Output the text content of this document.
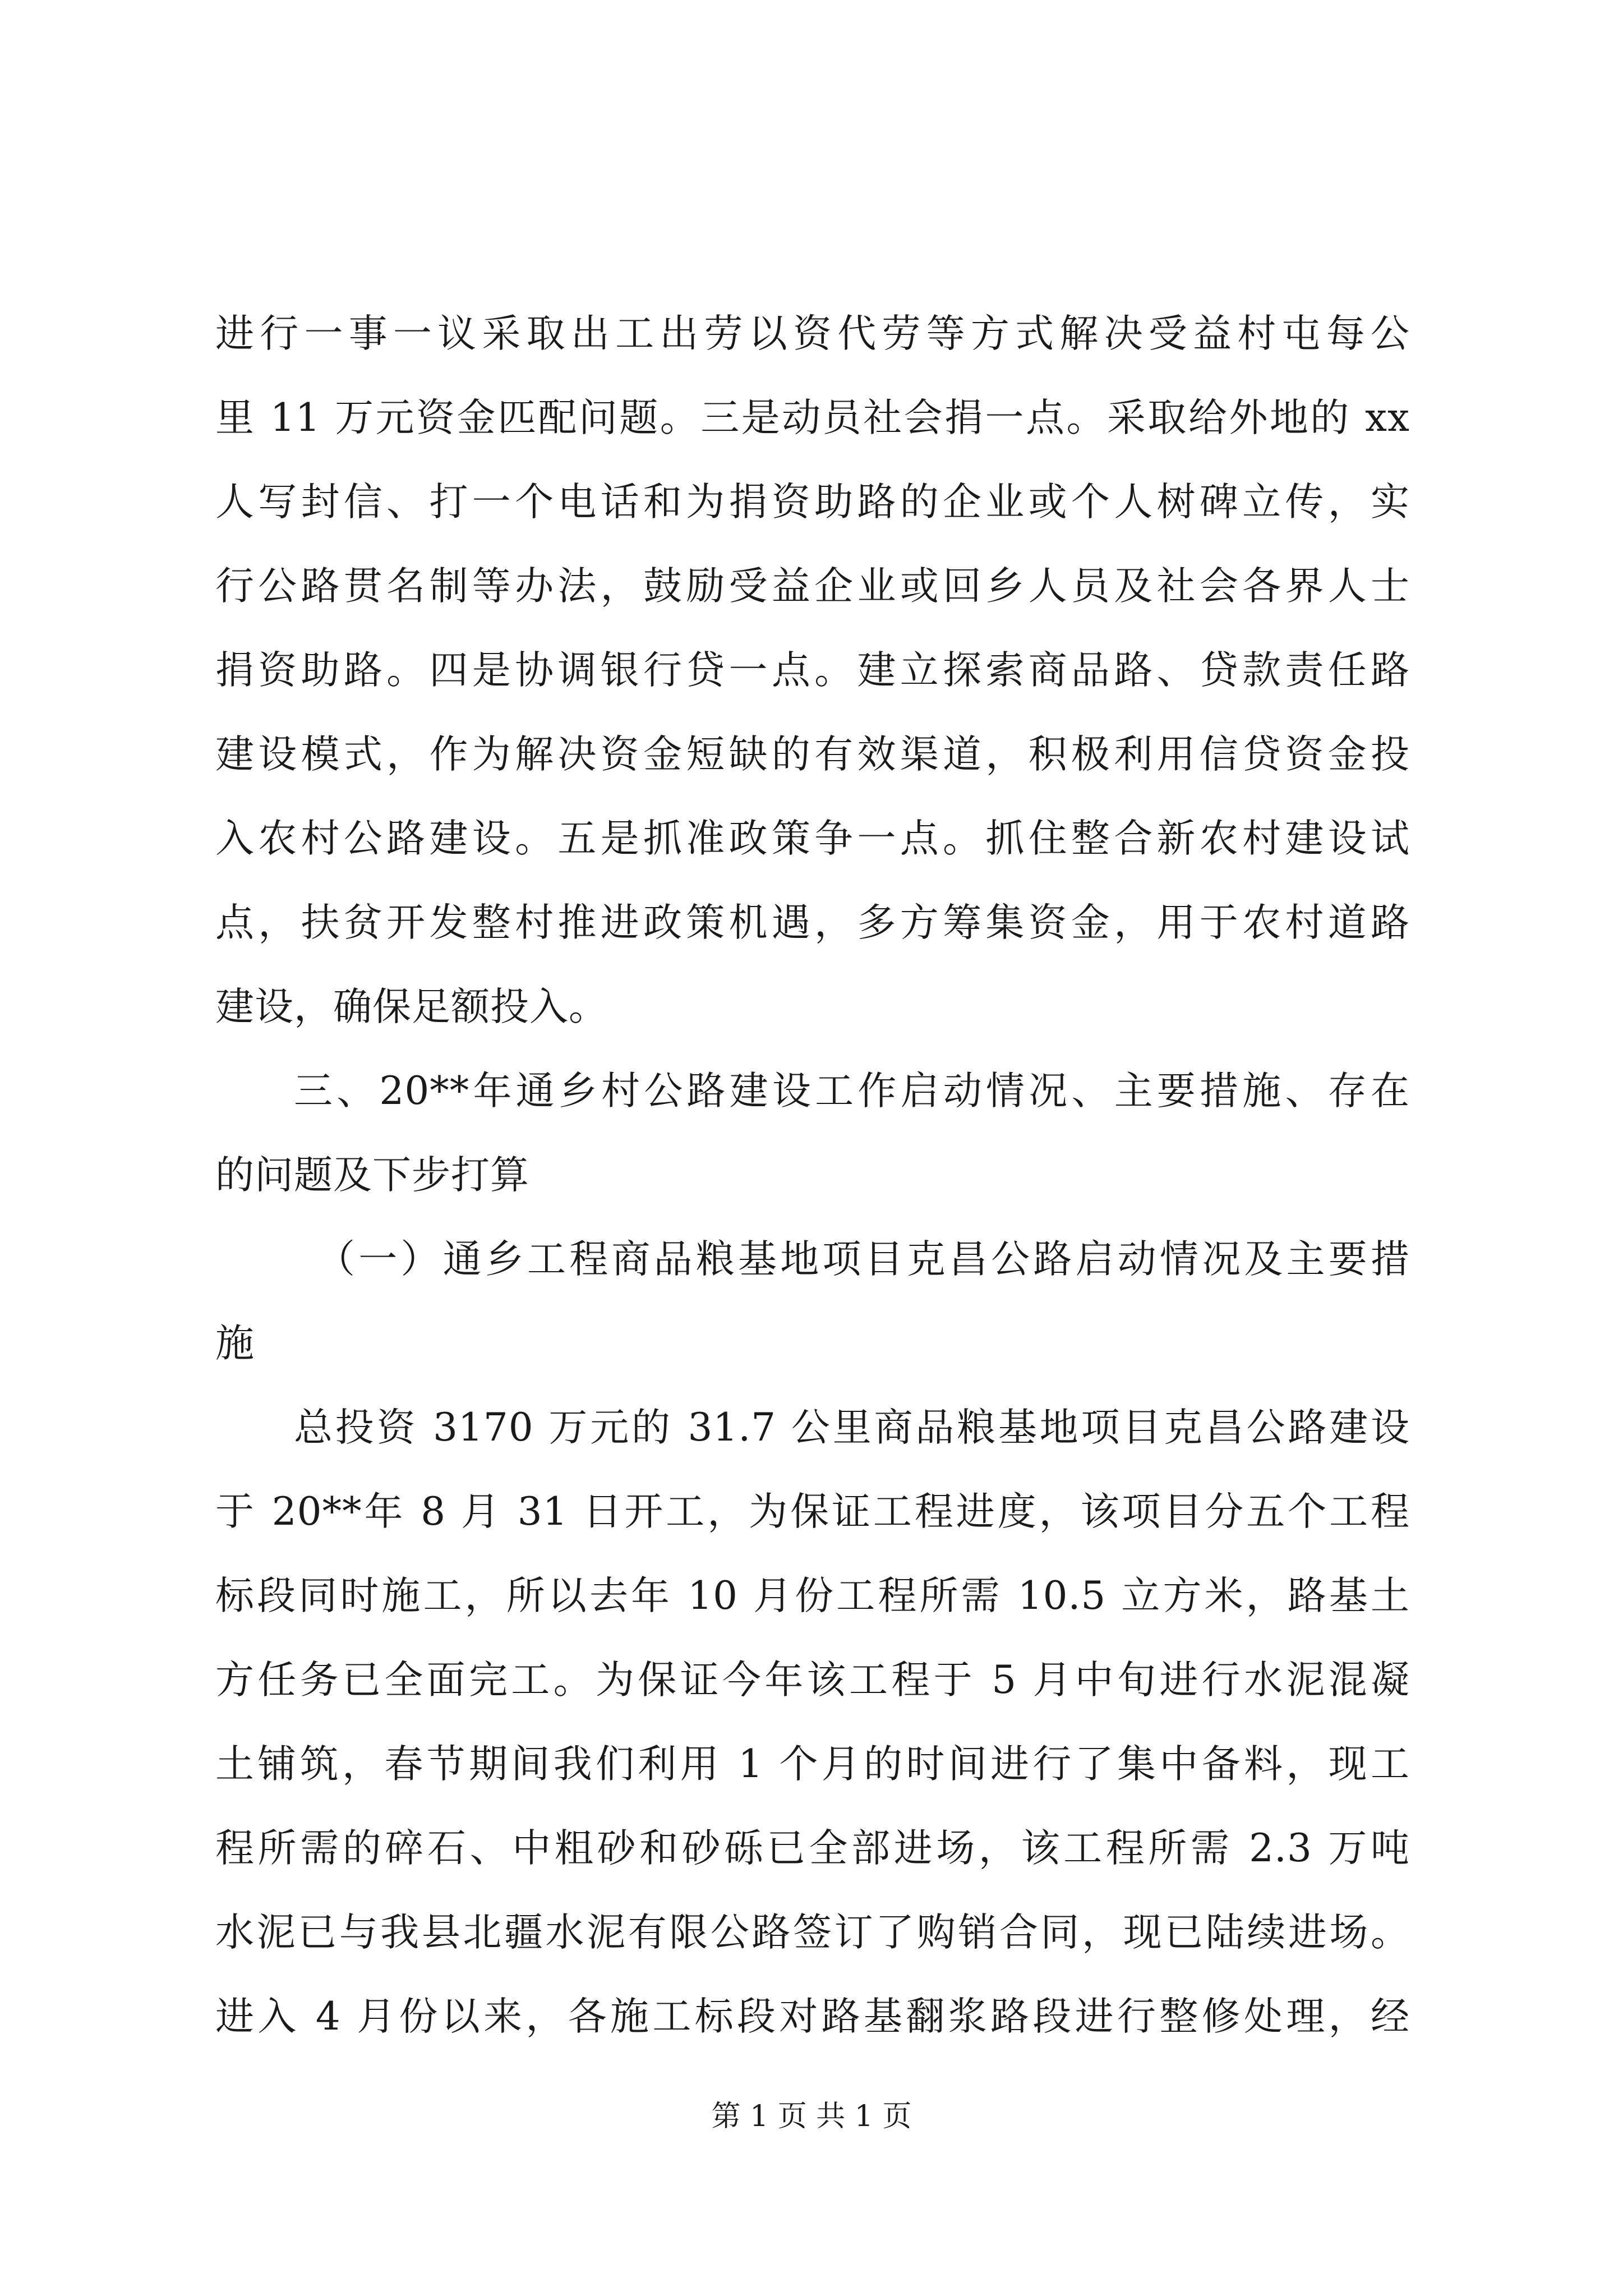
进行一事一议采取出工出劳以资代劳等方式解决受益村屯每公
里 11 万元资金匹配问题。三是动员社会捐一点。采取给外地的 xx
人写封信、打一个电话和为捐资助路的企业或个人树碑立传，实
行公路贯名制等办法，鼓励受益企业或回乡人员及社会各界人士
捐资助路。四是协调银行贷一点。建立探索商品路、贷款责任路
建设模式，作为解决资金短缺的有效渠道，积极利用信贷资金投
入农村公路建设。五是抓准政策争一点。抓住整合新农村建设试
点，扶贫开发整村推进政策机遇，多方筹集资金，用于农村道路
建设，确保足额投入。
三、20**年通乡村公路建设工作启动情况、主要措施、存在
的问题及下步打算
（一）通乡工程商品粮基地项目克昌公路启动情况及主要措
施
总投资 3170 万元的 31.7 公里商品粮基地项目克昌公路建设
于 20**年 8 月 31 日开工，为保证工程进度，该项目分五个工程
标段同时施工，所以去年 10 月份工程所需 10.5 立方米，路基土
方任务已全面完工。为保证今年该工程于 5 月中旬进行水泥混凝
土铺筑，春节期间我们利用 1 个月的时间进行了集中备料，现工
程所需的碎石、中粗砂和砂砾已全部进场，该工程所需 2.3 万吨
水泥已与我县北疆水泥有限公路签订了购销合同，现已陆续进场。
进入 4 月份以来，各施工标段对路基翻浆路段进行整修处理，经
第 1 页 共 1 页
